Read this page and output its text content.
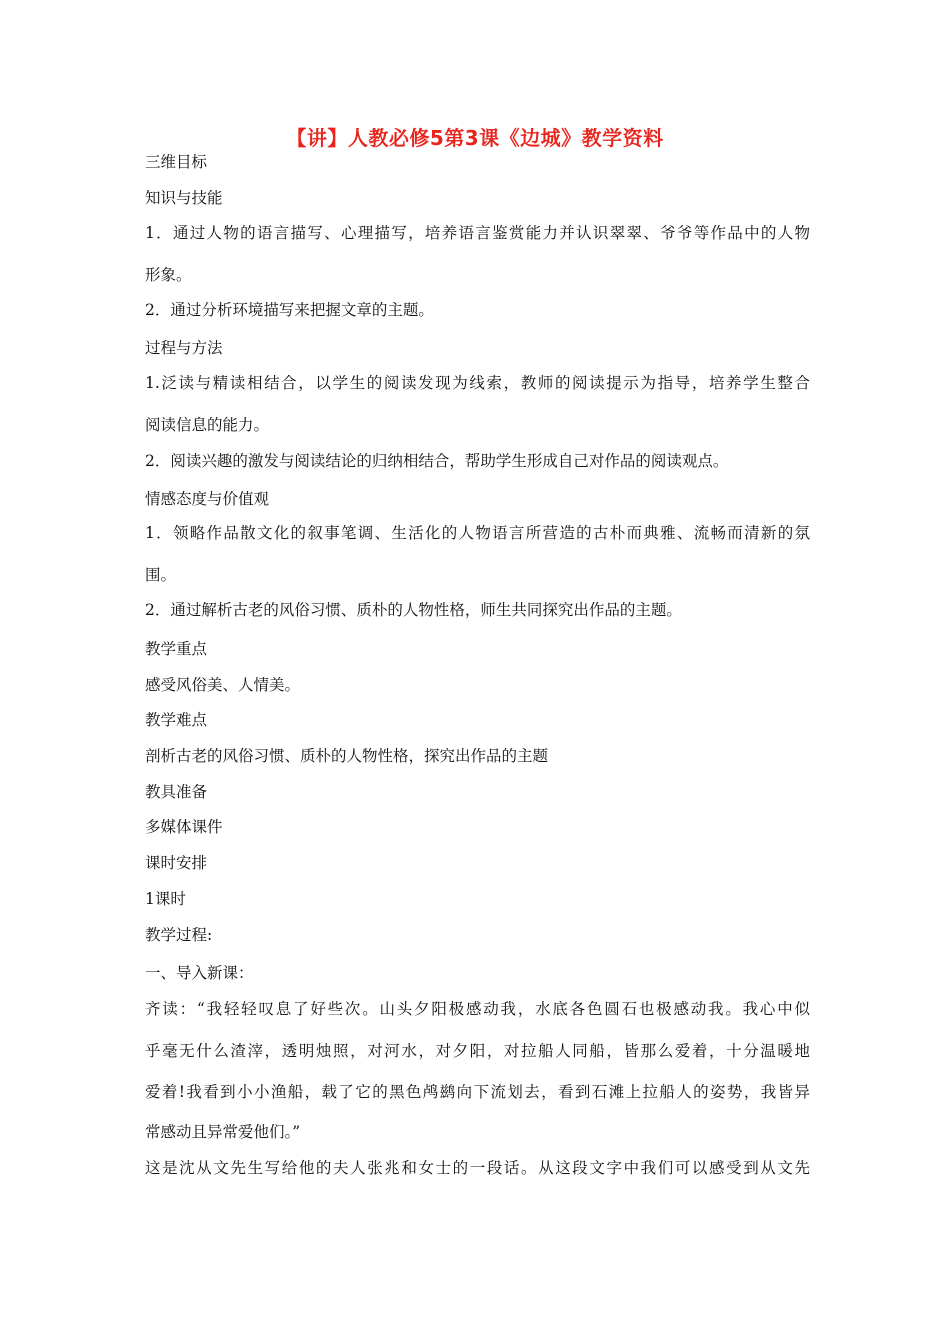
【讲】人教必修5第3课《边城》教学资料
三维目标
知识与技能
1．通过人物的语言描写、心理描写，培养语言鉴赏能力并认识翠翠、爷爷等作品中的人物
形象。
2．通过分析环境描写来把握文章的主题。
过程与方法
1.泛读与精读相结合，以学生的阅读发现为线索，教师的阅读提示为指导，培养学生整合
阅读信息的能力。
2．阅读兴趣的激发与阅读结论的归纳相结合，帮助学生形成自己对作品的阅读观点。
情感态度与价值观
1．领略作品散文化的叙事笔调、生活化的人物语言所营造的古朴而典雅、流畅而清新的氛
围。
2．通过解析古老的风俗习惯、质朴的人物性格，师生共同探究出作品的主题。
教学重点
感受风俗美、人情美。
教学难点
剖析古老的风俗习惯、质朴的人物性格，探究出作品的主题
教具准备
多媒体课件
课时安排
1课时
教学过程:
一、导入新课：
齐读：“我轻轻叹息了好些次。山头夕阳极感动我，水底各色圆石也极感动我。我心中似
乎毫无什么渣滓，透明烛照，对河水，对夕阳，对拉船人同船，皆那么爱着，十分温暖地
爱着!我看到小小渔船，载了它的黑色鸬鹚向下流划去，看到石滩上拉船人的姿势，我皆异
常感动且异常爱他们。”
这是沈从文先生写给他的夫人张兆和女士的一段话。从这段文字中我们可以感受到从文先
